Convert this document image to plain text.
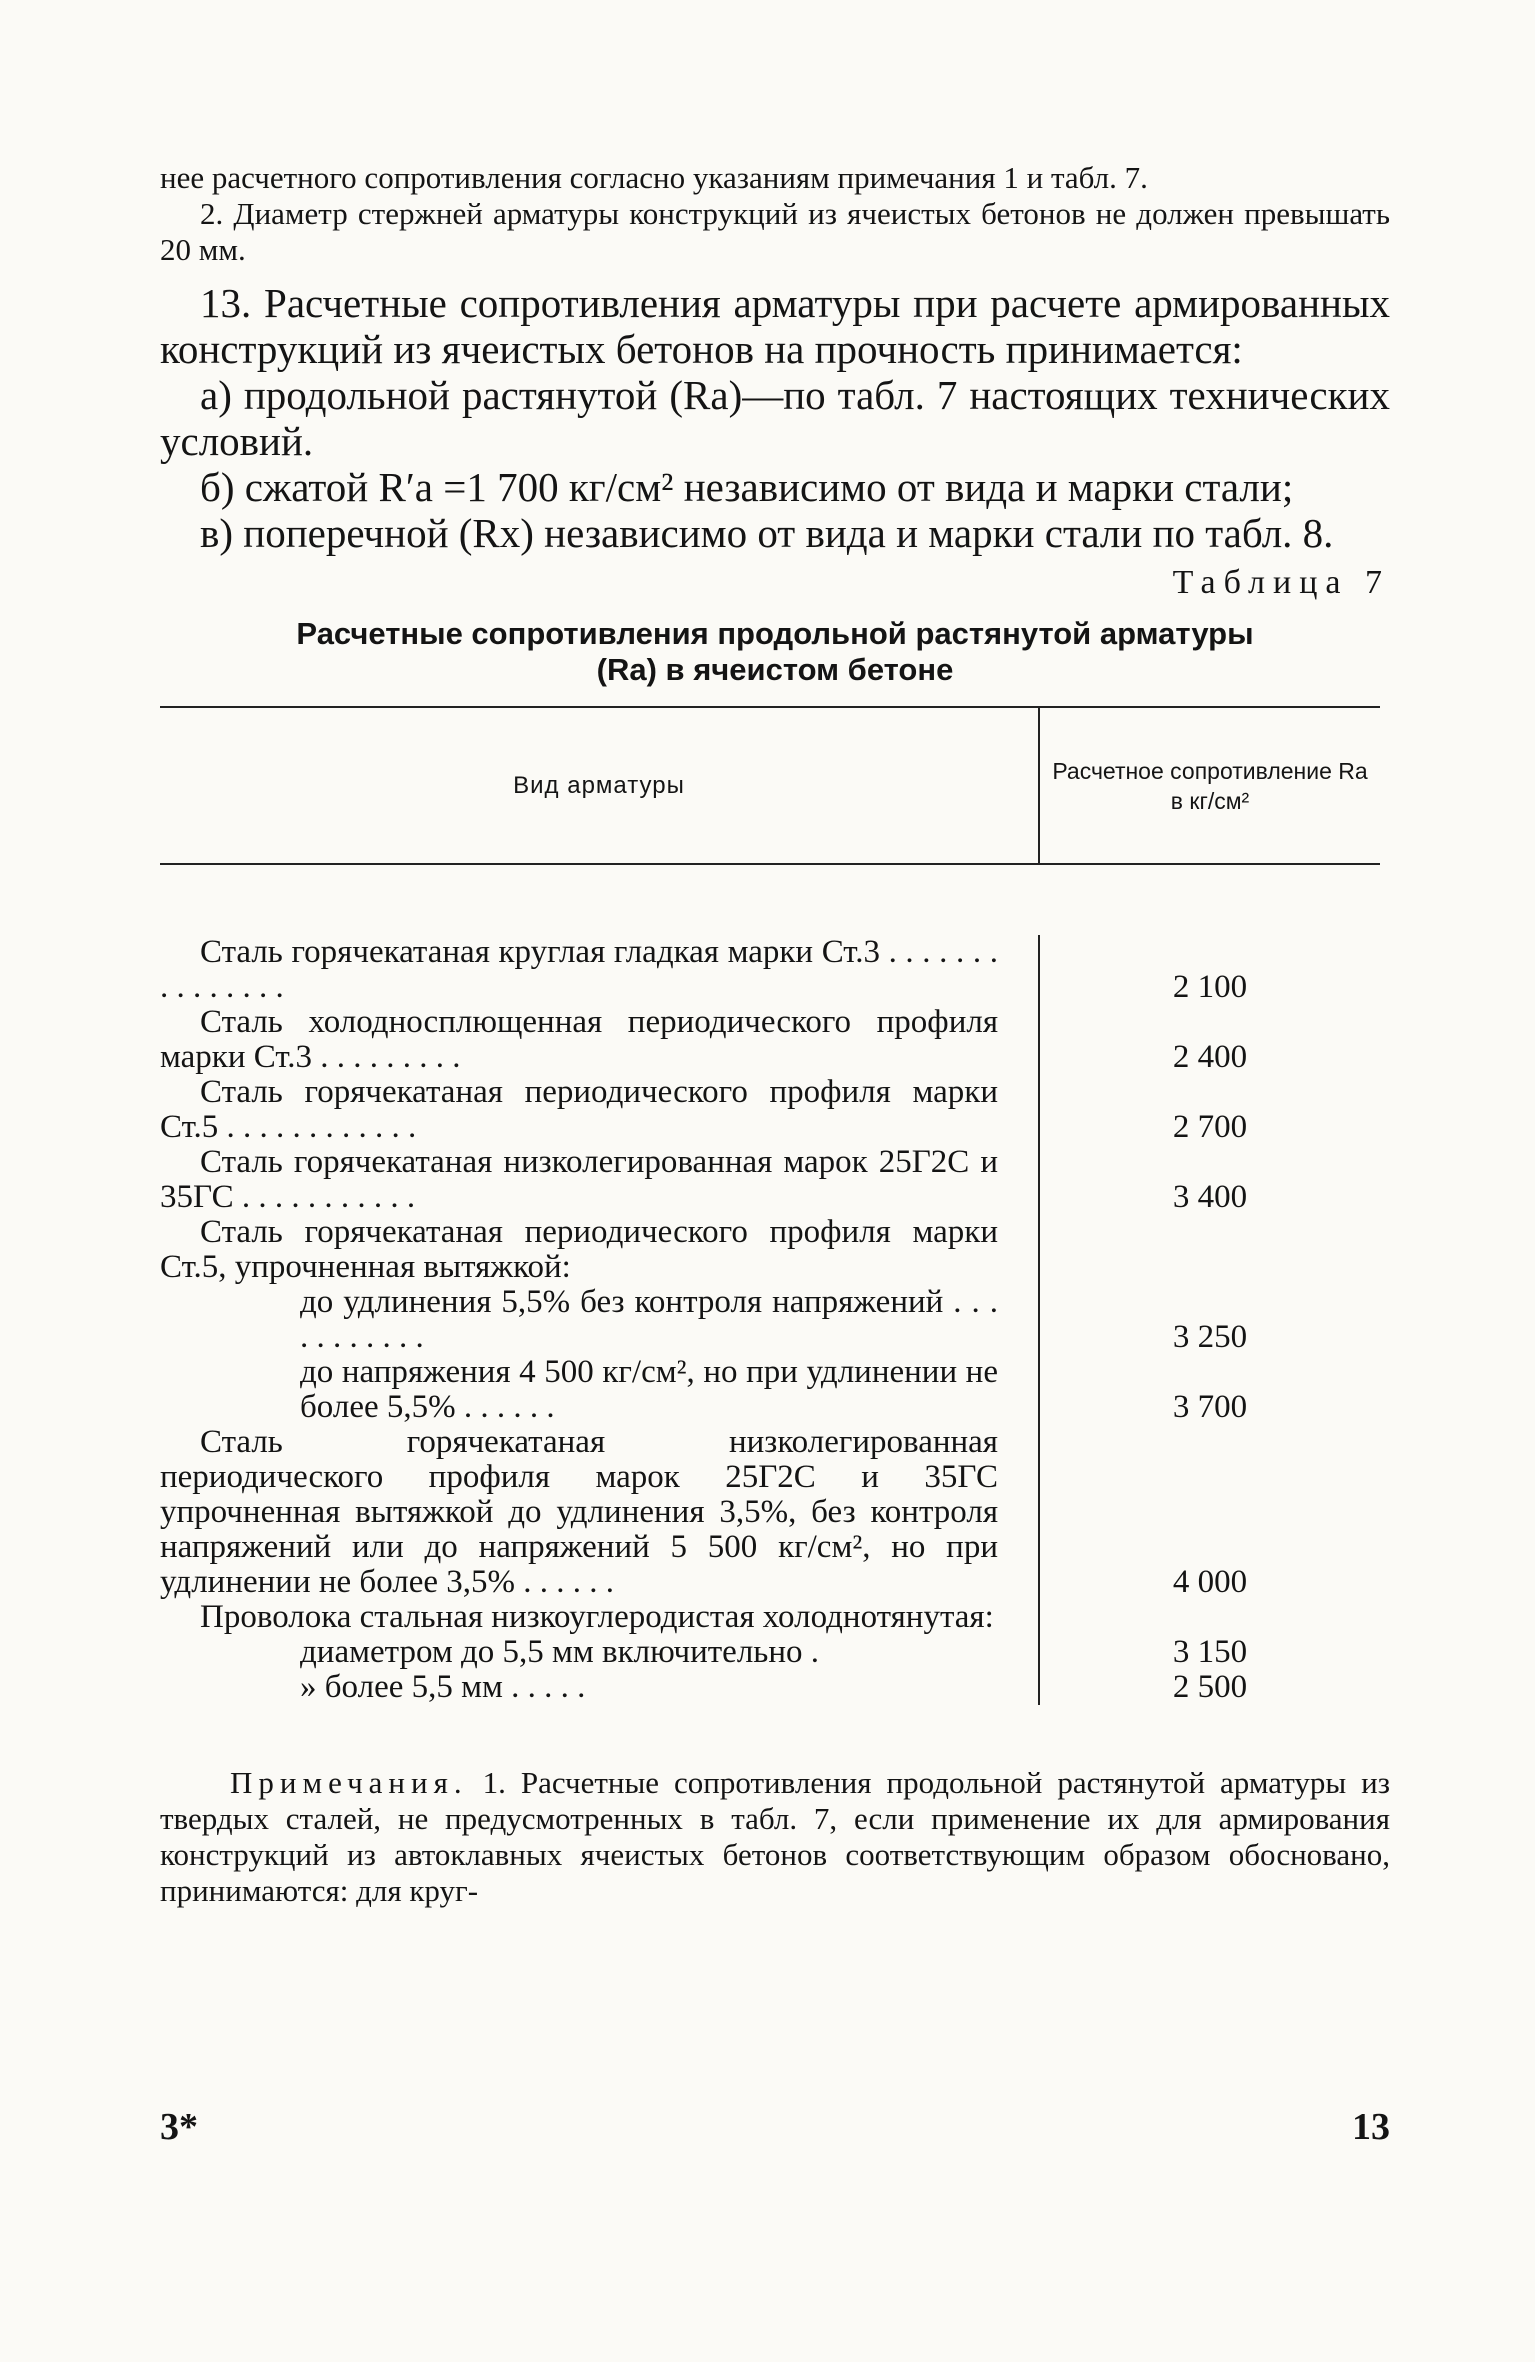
нее расчетного сопротивления согласно указаниям примечания 1 и табл. 7.

2. Диаметр стержней арматуры конструкций из ячеистых бетонов не должен превышать 20 мм.

13. Расчетные сопротивления арматуры при расчете армированных конструкций из ячеистых бетонов на прочность принимается:

а) продольной растянутой (Rа)—по табл. 7 настоящих технических условий.

б) сжатой R′а =1 700 кг/см² независимо от вида и марки стали;

в) поперечной (Rх) независимо от вида и марки стали по табл. 8.

Таблица 7
Расчетные сопротивления продольной растянутой арматуры
(Rа) в ячеистом бетоне
Вид арматуры
Расчетное сопротивление Rа в кг/см²
Сталь горячекатаная круглая гладкая марки Ст.3 . . . . . . . . . . . . . . .
Сталь холодносплющенная периодического профиля марки Ст.3 . . . . . . . . .
Сталь горячекатаная периодического профиля марки Ст.5 . . . . . . . . . . . .
Сталь горячекатаная низколегированная марок 25Г2С и 35ГС . . . . . . . . . . .
Сталь горячекатаная периодического профиля марки Ст.5, упрочненная вытяжкой:
до удлинения 5,5% без контроля напряжений . . . . . . . . . . .
до напряжения 4 500 кг/см², но при удлинении не более 5,5% . . . . . .
Сталь горячекатаная низколегированная периодического профиля марок 25Г2С и 35ГС упрочненная вытяжкой до удлинения 3,5%, без контроля напряжений или до напряжений 5 500 кг/см², но при удлинении не более 3,5% . . . . . .
Проволока стальная низкоуглеродистая холоднотянутая:
диаметром до 5,5 мм включительно .
» более 5,5 мм . . . . .
2 100
2 400
2 700
3 400
3 250
3 700
4 000
3 150
2 500

Примечания. 1. Расчетные сопротивления продольной растянутой арматуры из твердых сталей, не предусмотренных в табл. 7, если применение их для армирования конструкций из автоклавных ячеистых бетонов соответствующим образом обосновано, принимаются: для круг-

3*	13
